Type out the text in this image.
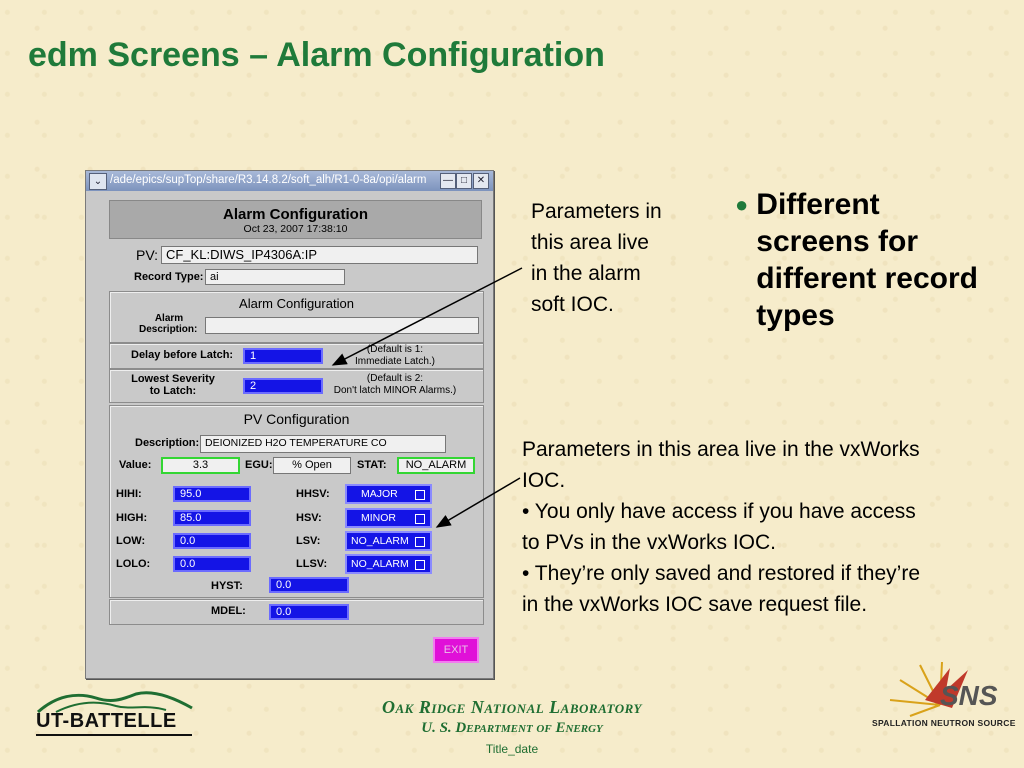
edm Screens – Alarm Configuration
⌄ /ade/epics/supTop/share/R3.14.8.2/soft_alh/R1-0-8a/opi/alarm	— □ ✕
Alarm Configuration
Oct 23, 2007 17:38:10
PV: CF_KL:DIWS_IP4306A:IP
Record Type: ai
Alarm Configuration
Alarm
Description:
Delay before Latch:	1
(Default is 1:
Immediate Latch.)
Lowest Severity
to Latch:	2
(Default is 2:
Don't latch MINOR Alarms.)
PV Configuration
Description: DEIONIZED H2O TEMPERATURE CO
Value:	3.3	EGU:	% Open	STAT:	NO_ALARM
HIHI:	95.0	HHSV:	MAJOR
HIGH:	85.0	HSV:	MINOR
LOW:	0.0	LSV:	NO_ALARM
LOLO:	0.0	LLSV:	NO_ALARM
HYST:	0.0
MDEL:	0.0
EXIT
Parameters in this area live in the alarm soft IOC.
● Different screens for different record types
Parameters in this area live in the vxWorks IOC.
• You only have access if you have access to PVs in the vxWorks IOC.
• They’re only saved and restored if they’re in the vxWorks IOC save request file.
UT-BATTELLE
Oak Ridge National Laboratory
U. S. Department of Energy
Title_date
SNS
SPALLATION NEUTRON SOURCE
